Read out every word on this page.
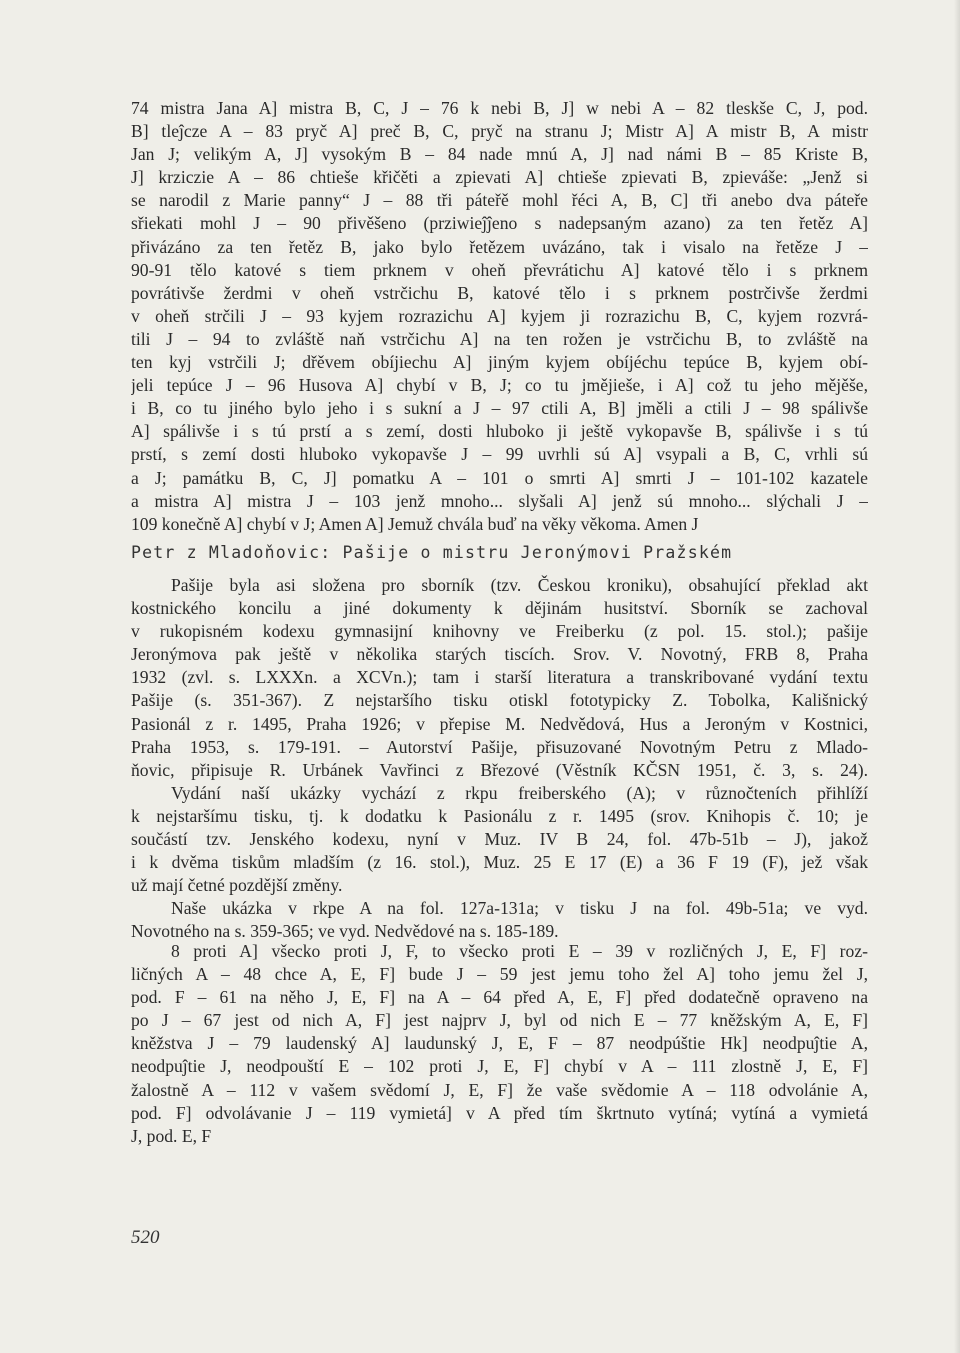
74 mistra Jana A] mistra B, C, J – 76 k nebi B, J] w nebi A – 82 tleskše C, J, pod.
B] tleĵcze A – 83 pryč A] preč B, C, pryč na stranu J; Mistr A] A mistr B, A mistr
Jan J; velikým A, J] vysokým B – 84 nade mnú A, J] nad námi B – 85 Kriste B,
J] krziczie A – 86 chtieše křičěti a zpievati A] chtieše zpievati B, zpieváše: „Jenž si
se narodil z Marie panny“ J – 88 tři páteřě mohl řéci A, B, C] tři anebo dva páteře
sřiekati mohl J – 90 přivěšeno (prziwieĵĵeno s nadepsaným azano) za ten řetěz A]
přivázáno za ten řetěz B, jako bylo řetězem uvázáno, tak i visalo na řetěze J –
90-91 tělo katové s tiem prknem v oheň převrátichu A] katové tělo i s prknem
povrátivše žerdmi v oheň vstrčichu B, katové tělo i s prknem postrčivše žerdmi
v oheň strčili J – 93 kyjem rozrazichu A] kyjem ji rozrazichu B, C, kyjem rozvrá-
tili J – 94 to zvláště naň vstrčichu A] na ten rožen je vstrčichu B, to zvláště na
ten kyj vstrčili J; dřěvem obíjiechu A] jiným kyjem obíjéchu tepúce B, kyjem obí-
jeli tepúce J – 96 Husova A] chybí v B, J; co tu jmějieše, i A] což tu jeho mějěše,
i B, co tu jiného bylo jeho i s sukní a J – 97 ctili A, B] jměli a ctili J – 98 spálivše
A] spálivše i s tú prstí a s zemí, dosti hluboko ji ještě vykopavše B, spálivše i s tú
prstí, s zemí dosti hluboko vykopavše J – 99 uvrhli sú A] vsypali a B, C, vrhli sú
a J; památku B, C, J] pomatku A – 101 o smrti A] smrti J – 101-102 kazatele
a mistra A] mistra J – 103 jenž mnoho... slyšali A] jenž sú mnoho... slýchali J –
109 konečně A] chybí v J; Amen A] Jemuž chvála buď na věky věkoma. Amen J
Petr z Mladoňovic: Pašije o mistru Jeronýmovi Pražském
Pašije byla asi složena pro sborník (tzv. Českou kroniku), obsahující překlad akt
kostnického koncilu a jiné dokumenty k dějinám husitství. Sborník se zachoval
v rukopisném kodexu gymnasijní knihovny ve Freiberku (z pol. 15. stol.); pašije
Jeronýmova pak ještě v několika starých tiscích. Srov. V. Novotný, FRB 8, Praha
1932 (zvl. s. LXXXn. a XCVn.); tam i starší literatura a transkribované vydání textu
Pašije (s. 351-367). Z nejstaršího tisku otiskl fototypicky Z. Tobolka, Kališnický
Pasionál z r. 1495, Praha 1926; v přepise M. Nedvědová, Hus a Jeroným v Kostnici,
Praha 1953, s. 179-191. – Autorství Pašije, přisuzované Novotným Petru z Mlado-
ňovic, připisuje R. Urbánek Vavřinci z Březové (Věstník KČSN 1951, č. 3, s. 24).
Vydání naší ukázky vychází z rkpu freiberského (A); v různočteních přihlíží
k nejstaršímu tisku, tj. k dodatku k Pasionálu z r. 1495 (srov. Knihopis č. 10; je
součástí tzv. Jenského kodexu, nyní v Muz. IV B 24, fol. 47b-51b – J), jakož
i k dvěma tiskům mladším (z 16. stol.), Muz. 25 E 17 (E) a 36 F 19 (F), jež však
už mají četné pozdější změny.
Naše ukázka v rkpe A na fol. 127a-131a; v tisku J na fol. 49b-51a; ve vyd.
Novotného na s. 359-365; ve vyd. Nedvědové na s. 185-189.
8 proti A] všecko proti J, F, to všecko proti E – 39 v rozličných J, E, F] roz-
ličných A – 48 chce A, E, F] bude J – 59 jest jemu toho žel A] toho jemu žel J,
pod. F – 61 na něho J, E, F] na A – 64 před A, E, F] před dodatečně opraveno na
po J – 67 jest od nich A, F] jest najprv J, byl od nich E – 77 kněžským A, E, F]
kněžstva J – 79 laudenský A] laudunský J, E, F – 87 neodpúštie Hk] neodpuĵtie A,
neodpuĵtie J, neodpouští E – 102 proti J, E, F] chybí v A – 111 zlostně J, E, F]
žalostně A – 112 v vašem svědomí J, E, F] že vaše svědomie A – 118 odvolánie A,
pod. F] odvolávanie J – 119 vymietá] v A před tím škrtnuto vytíná; vytíná a vymietá
J, pod. E, F
520
